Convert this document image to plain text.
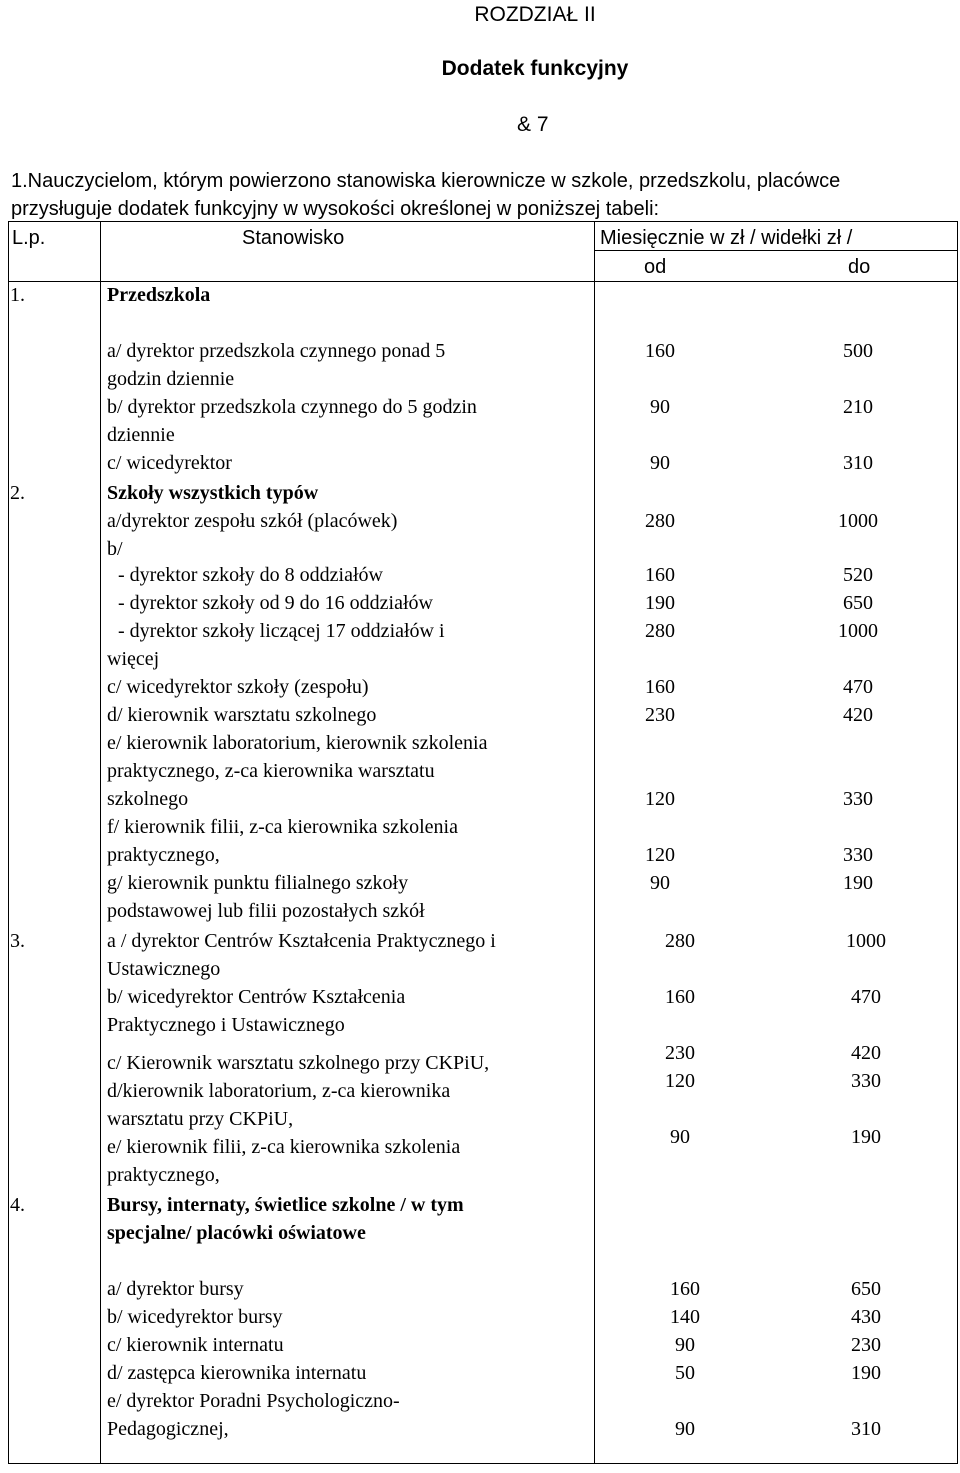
ROZDZIAŁ II
Dodatek funkcyjny
& 7
1.Nauczycielom, którym powierzono stanowiska kierownicze w szkole, przedszkolu, placówce
przysługuje dodatek funkcyjny w wysokości określonej w poniższej tabeli:
L.p.	Stanowisko	Miesięcznie w zł / widełki zł /
od	do
1.	Przedszkola
a/ dyrektor przedszkola czynnego ponad 5
godzin dziennie
160	500
b/ dyrektor przedszkola czynnego do 5 godzin
dziennie
90	210
c/ wicedyrektor	90	310
2.	Szkoły wszystkich typów
a/dyrektor zespołu szkół (placówek)	280	1000
b/
- dyrektor szkoły do 8 oddziałów	160	520
- dyrektor szkoły od 9 do 16 oddziałów	190	650
- dyrektor szkoły liczącej 17 oddziałów i
więcej
280	1000
c/ wicedyrektor szkoły (zespołu)	160	470
d/ kierownik warsztatu szkolnego	230	420
e/ kierownik laboratorium, kierownik szkolenia
praktycznego, z-ca kierownika warsztatu
szkolnego	120	330
f/ kierownik filii, z-ca kierownika szkolenia
praktycznego,	120	330
g/ kierownik punktu filialnego szkoły
podstawowej lub filii pozostałych szkół
90	190
3.	a / dyrektor Centrów Kształcenia Praktycznego i
Ustawicznego
280	1000
b/ wicedyrektor Centrów Kształcenia
Praktycznego i Ustawicznego
160	470
c/ Kierownik warsztatu szkolnego przy CKPiU,	230	420
d/kierownik laboratorium, z-ca kierownika
warsztatu przy CKPiU,
120	330
e/ kierownik filii, z-ca kierownika szkolenia
praktycznego,
90	190
4.	Bursy, internaty, świetlice szkolne / w tym
specjalne/ placówki oświatowe
a/ dyrektor bursy	160	650
b/ wicedyrektor bursy	140	430
c/ kierownik internatu	90	230
d/ zastępca kierownika internatu	50	190
e/ dyrektor Poradni Psychologiczno-
Pedagogicznej,	90	310
